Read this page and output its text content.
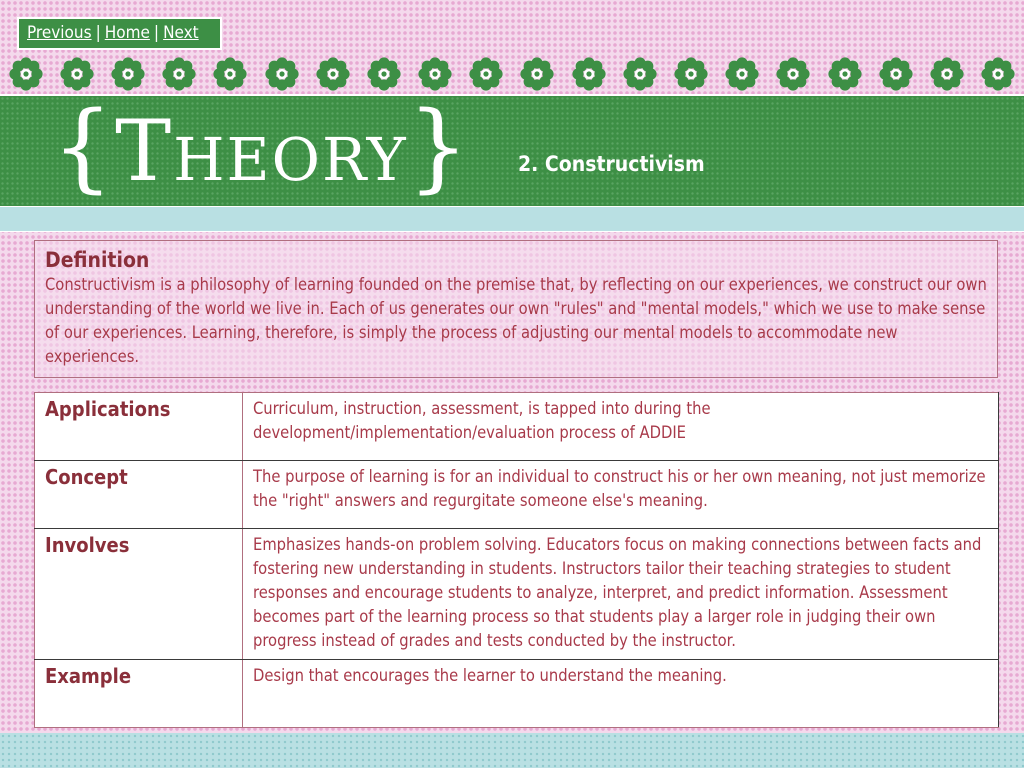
Previous | Home | Next
{Theory} 2. Constructivism

Definition

Constructivism is a philosophy of learning founded on the premise that, by reflecting on our experiences, we construct our own understanding of the world we live in. Each of us generates our own "rules" and "mental models," which we use to make sense of our experiences. Learning, therefore, is simply the process of adjusting our mental models to accommodate new experiences.

Applications	Curriculum, instruction, assessment, is tapped into during the development/implementation/evaluation process of ADDIE
Concept	The purpose of learning is for an individual to construct his or her own meaning, not just memorize the "right" answers and regurgitate someone else's meaning.
Involves	Emphasizes hands-on problem solving. Educators focus on making connections between facts and fostering new understanding in students. Instructors tailor their teaching strategies to student responses and encourage students to analyze, interpret, and predict information. Assessment becomes part of the learning process so that students play a larger role in judging their own progress instead of grades and tests conducted by the instructor.
Example	Design that encourages the learner to understand the meaning.
